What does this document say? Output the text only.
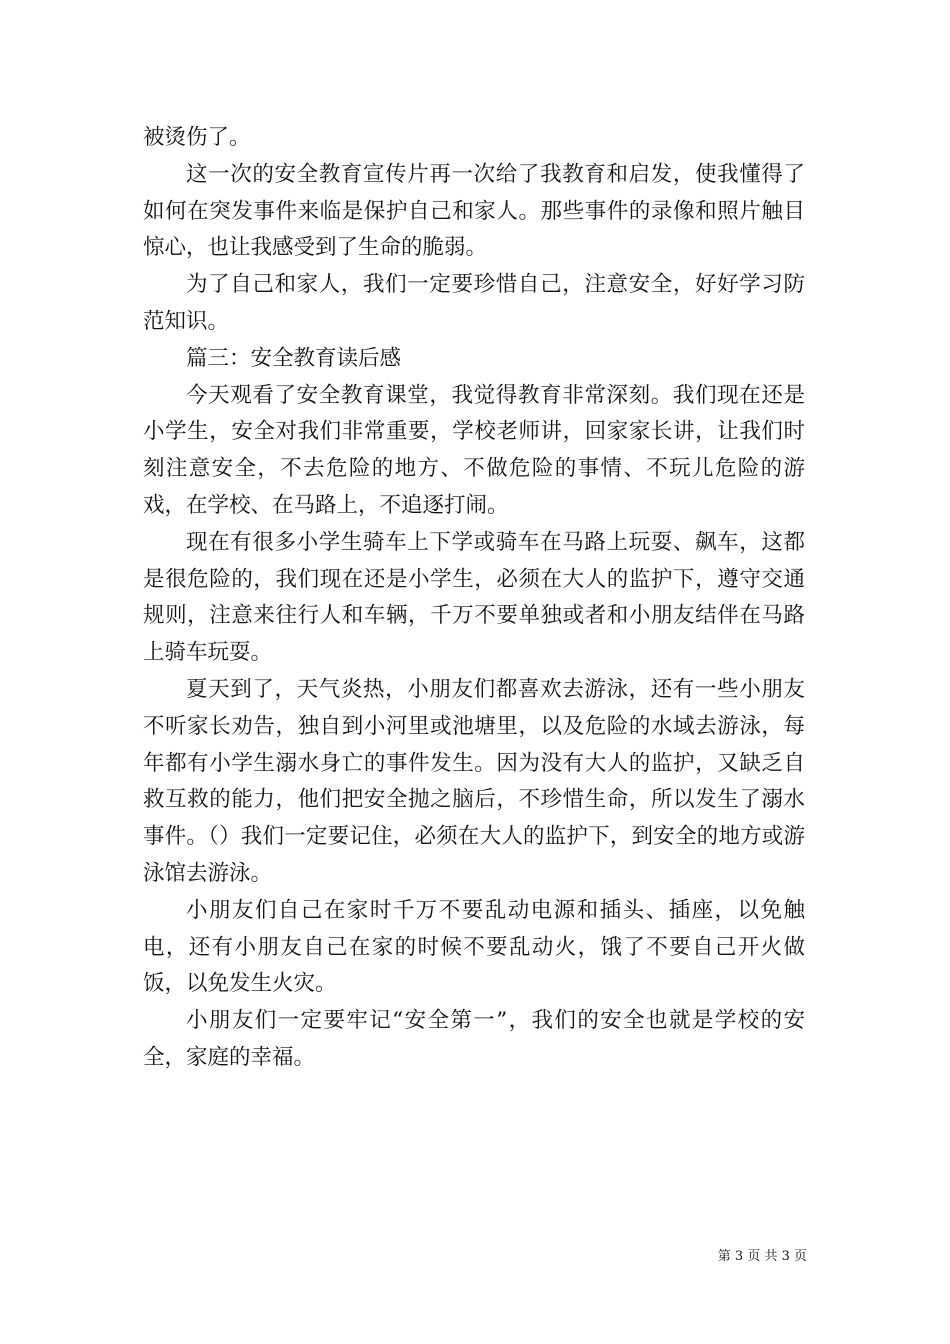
被烫伤了。

这一次的安全教育宣传片再一次给了我教育和启发，使我懂得了如何在突发事件来临是保护自己和家人。那些事件的录像和照片触目惊心，也让我感受到了生命的脆弱。

为了自己和家人，我们一定要珍惜自己，注意安全，好好学习防范知识。

篇三：安全教育读后感

今天观看了安全教育课堂，我觉得教育非常深刻。我们现在还是小学生，安全对我们非常重要，学校老师讲，回家家长讲，让我们时刻注意安全，不去危险的地方、不做危险的事情、不玩儿危险的游戏，在学校、在马路上，不追逐打闹。

现在有很多小学生骑车上下学或骑车在马路上玩耍、飙车，这都是很危险的，我们现在还是小学生，必须在大人的监护下，遵守交通规则，注意来往行人和车辆，千万不要单独或者和小朋友结伴在马路上骑车玩耍。

夏天到了，天气炎热，小朋友们都喜欢去游泳，还有一些小朋友不听家长劝告，独自到小河里或池塘里，以及危险的水域去游泳，每年都有小学生溺水身亡的事件发生。因为没有大人的监护，又缺乏自救互救的能力，他们把安全抛之脑后，不珍惜生命，所以发生了溺水事件。（）我们一定要记住，必须在大人的监护下，到安全的地方或游泳馆去游泳。

小朋友们自己在家时千万不要乱动电源和插头、插座，以免触电，还有小朋友自己在家的时候不要乱动火，饿了不要自己开火做饭，以免发生火灾。

小朋友们一定要牢记“安全第一”，我们的安全也就是学校的安全，家庭的幸福。

第 3 页 共 3 页
